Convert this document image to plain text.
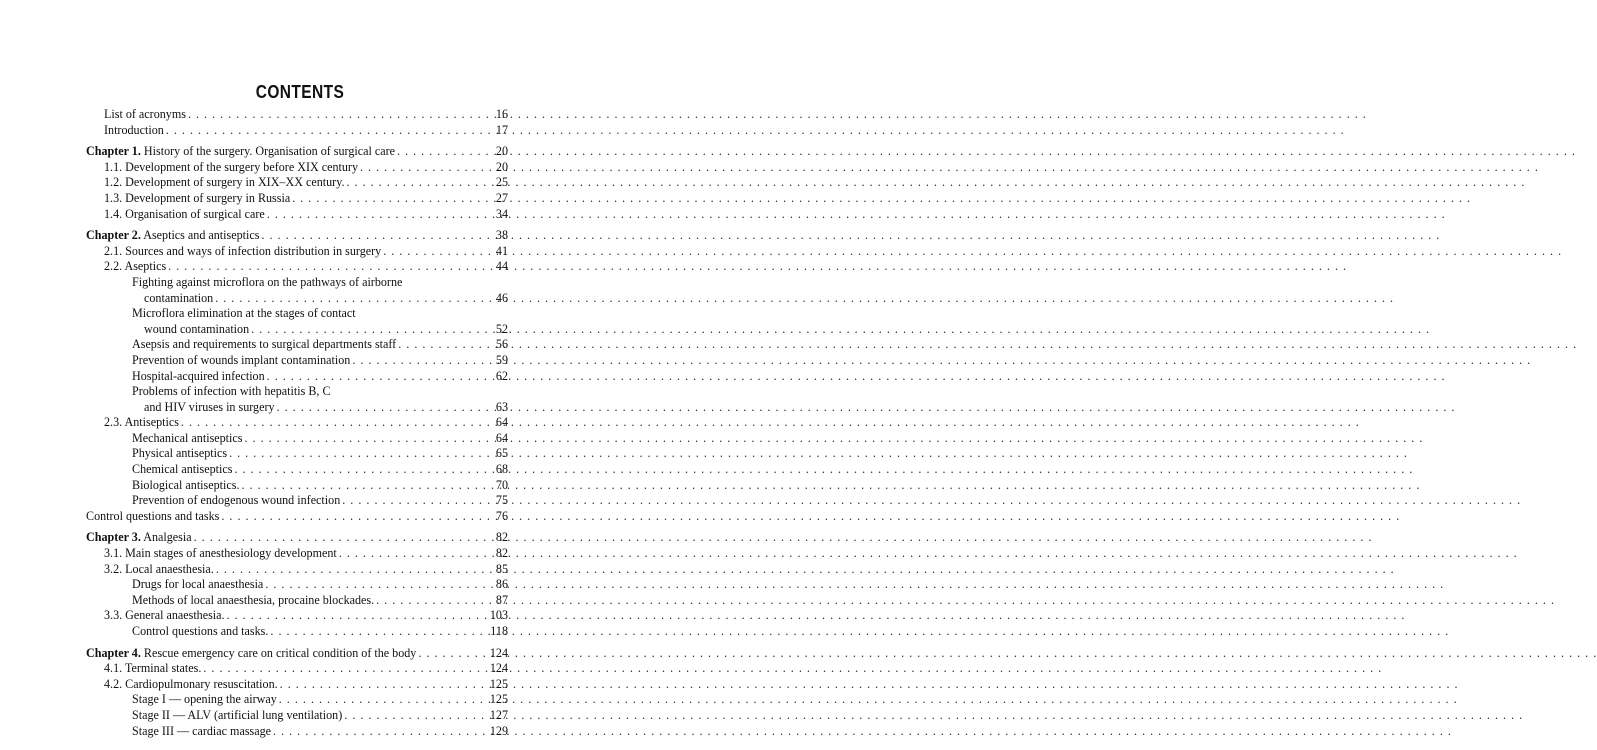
CONTENTS
List of acronyms . . .	16
Introduction . . .	17
Chapter 1. History of the surgery. Organisation of surgical care . . .	20
1.1. Development of the surgery before XIX century . . .	20
1.2. Development of surgery in XIX–XX century. . . .	25
1.3. Development of surgery in Russia . . .	27
1.4. Organisation of surgical care . . .	34
Chapter 2. Aseptics and antiseptics . . .	38
2.1. Sources and ways of infection distribution in surgery . . .	41
2.2. Aseptics . . .	44
Fighting against microflora on the pathways of airborne
contamination . . .	46
Microflora elimination at the stages of contact
wound contamination . . .	52
Asepsis and requirements to surgical departments staff . . .	56
Prevention of wounds implant contamination . . .	59
Hospital-acquired infection . . .	62
Problems of infection with hepatitis B, C
and HIV viruses in surgery . . .	63
2.3. Antiseptics . . .	64
Mechanical antiseptics . . .	64
Physical antiseptics . . .	65
Chemical antiseptics . . .	68
Biological antiseptics. . . .	70
Prevention of endogenous wound infection . . .	75
Control questions and tasks . . .	76
Chapter 3. Analgesia . . .	82
3.1. Main stages of anesthesiology development . . .	82
3.2. Local anaesthesia. . . .	85
Drugs for local anaesthesia . . .	86
Methods of local anaesthesia, procaine blockades. . . .	87
3.3. General anaesthesia. . . .	103
Control questions and tasks. . . .	118
Chapter 4. Rescue emergency care on critical condition of the body . . .	124
4.1. Terminal states. . . .	124
4.2. Cardiopulmonary resuscitation. . . .	125
Stage I — opening the airway . . .	125
Stage II — ALV (artificial lung ventilation) . . .	127
Stage III — cardiac massage . . .	129
